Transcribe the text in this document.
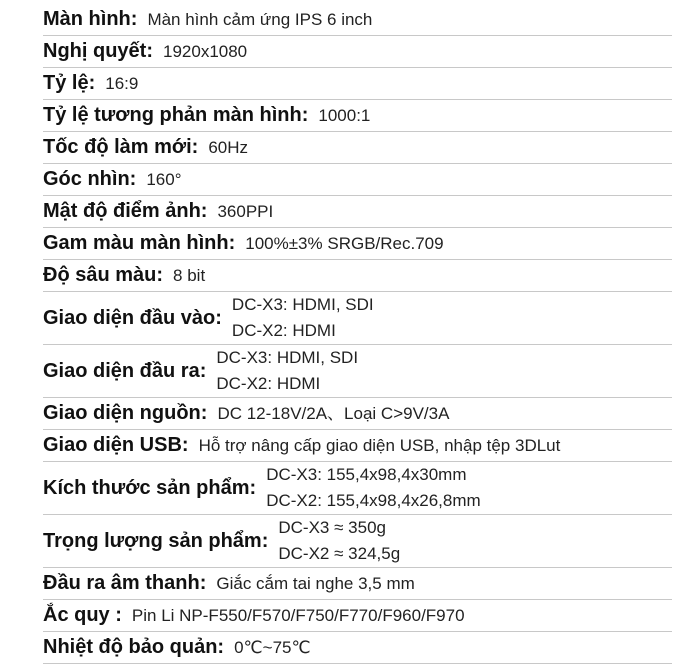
Màn hình: Màn hình cảm ứng IPS 6 inch
Nghị quyết: 1920x1080
Tỷ lệ: 16:9
Tỷ lệ tương phản màn hình: 1000:1
Tốc độ làm mới: 60Hz
Góc nhìn: 160°
Mật độ điểm ảnh: 360PPI
Gam màu màn hình: 100%±3% SRGB/Rec.709
Độ sâu màu: 8 bit
Giao diện đầu vào:
DC-X3: HDMI, SDI
DC-X2: HDMI
Giao diện đầu ra:
DC-X3: HDMI, SDI
DC-X2: HDMI
Giao diện nguồn: DC 12-18V/2A、Loại C>9V/3A
Giao diện USB: Hỗ trợ nâng cấp giao diện USB, nhập tệp 3DLut
Kích thước sản phẩm:
DC-X3: 155,4x98,4x30mm
DC-X2: 155,4x98,4x26,8mm
Trọng lượng sản phẩm:
DC-X3 ≈ 350g
DC-X2 ≈ 324,5g
Đầu ra âm thanh: Giắc cắm tai nghe 3,5 mm
Ắc quy : Pin Li NP-F550/F570/F750/F770/F960/F970
Nhiệt độ bảo quản: 0℃~75℃
